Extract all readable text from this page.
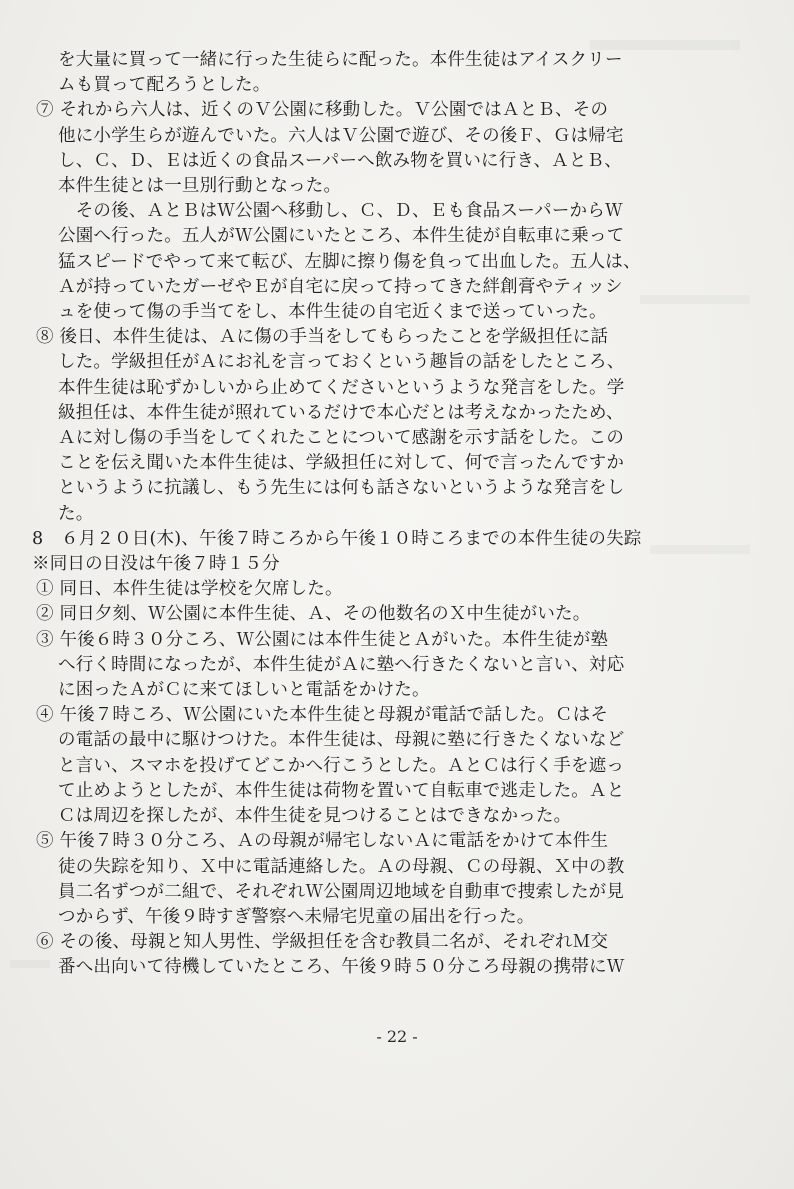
を大量に買って一緒に行った生徒らに配った。本件生徒はアイスクリー

ムも買って配ろうとした。

⑦ それから六人は、近くのＶ公園に移動した。Ｖ公園ではＡとＢ、その

他に小学生らが遊んでいた。六人はＶ公園で遊び、その後Ｆ、Ｇは帰宅

し、Ｃ、Ｄ、Ｅは近くの食品スーパーへ飲み物を買いに行き、ＡとＢ、

本件生徒とは一旦別行動となった。

　その後、ＡとＢはＷ公園へ移動し、Ｃ、Ｄ、Ｅも食品スーパーからＷ

公園へ行った。五人がＷ公園にいたところ、本件生徒が自転車に乗って

猛スピードでやって来て転び、左脚に擦り傷を負って出血した。五人は、

Ａが持っていたガーゼやＥが自宅に戻って持ってきた絆創膏やティッシ

ュを使って傷の手当てをし、本件生徒の自宅近くまで送っていった。

⑧ 後日、本件生徒は、Ａに傷の手当をしてもらったことを学級担任に話

した。学級担任がＡにお礼を言っておくという趣旨の話をしたところ、

本件生徒は恥ずかしいから止めてくださいというような発言をした。学

級担任は、本件生徒が照れているだけで本心だとは考えなかったため、

Ａに対し傷の手当をしてくれたことについて感謝を示す話をした。この

ことを伝え聞いた本件生徒は、学級担任に対して、何で言ったんですか

というように抗議し、もう先生には何も話さないというような発言をし

た。

8　６月２０日(木)、午後７時ころから午後１０時ころまでの本件生徒の失踪

※同日の日没は午後７時１５分

① 同日、本件生徒は学校を欠席した。

② 同日夕刻、Ｗ公園に本件生徒、Ａ、その他数名のＸ中生徒がいた。

③ 午後６時３０分ころ、Ｗ公園には本件生徒とＡがいた。本件生徒が塾

へ行く時間になったが、本件生徒がＡに塾へ行きたくないと言い、対応

に困ったＡがＣに来てほしいと電話をかけた。

④ 午後７時ころ、Ｗ公園にいた本件生徒と母親が電話で話した。Ｃはそ

の電話の最中に駆けつけた。本件生徒は、母親に塾に行きたくないなど

と言い、スマホを投げてどこかへ行こうとした。ＡとＣは行く手を遮っ

て止めようとしたが、本件生徒は荷物を置いて自転車で逃走した。Ａと

Ｃは周辺を探したが、本件生徒を見つけることはできなかった。

⑤ 午後７時３０分ころ、Ａの母親が帰宅しないＡに電話をかけて本件生

徒の失踪を知り、Ｘ中に電話連絡した。Ａの母親、Ｃの母親、Ｘ中の教

員二名ずつが二組で、それぞれＷ公園周辺地域を自動車で捜索したが見

つからず、午後９時すぎ警察へ未帰宅児童の届出を行った。

⑥ その後、母親と知人男性、学級担任を含む教員二名が、それぞれＭ交

番へ出向いて待機していたところ、午後９時５０分ころ母親の携帯にＷ

- 22 -
